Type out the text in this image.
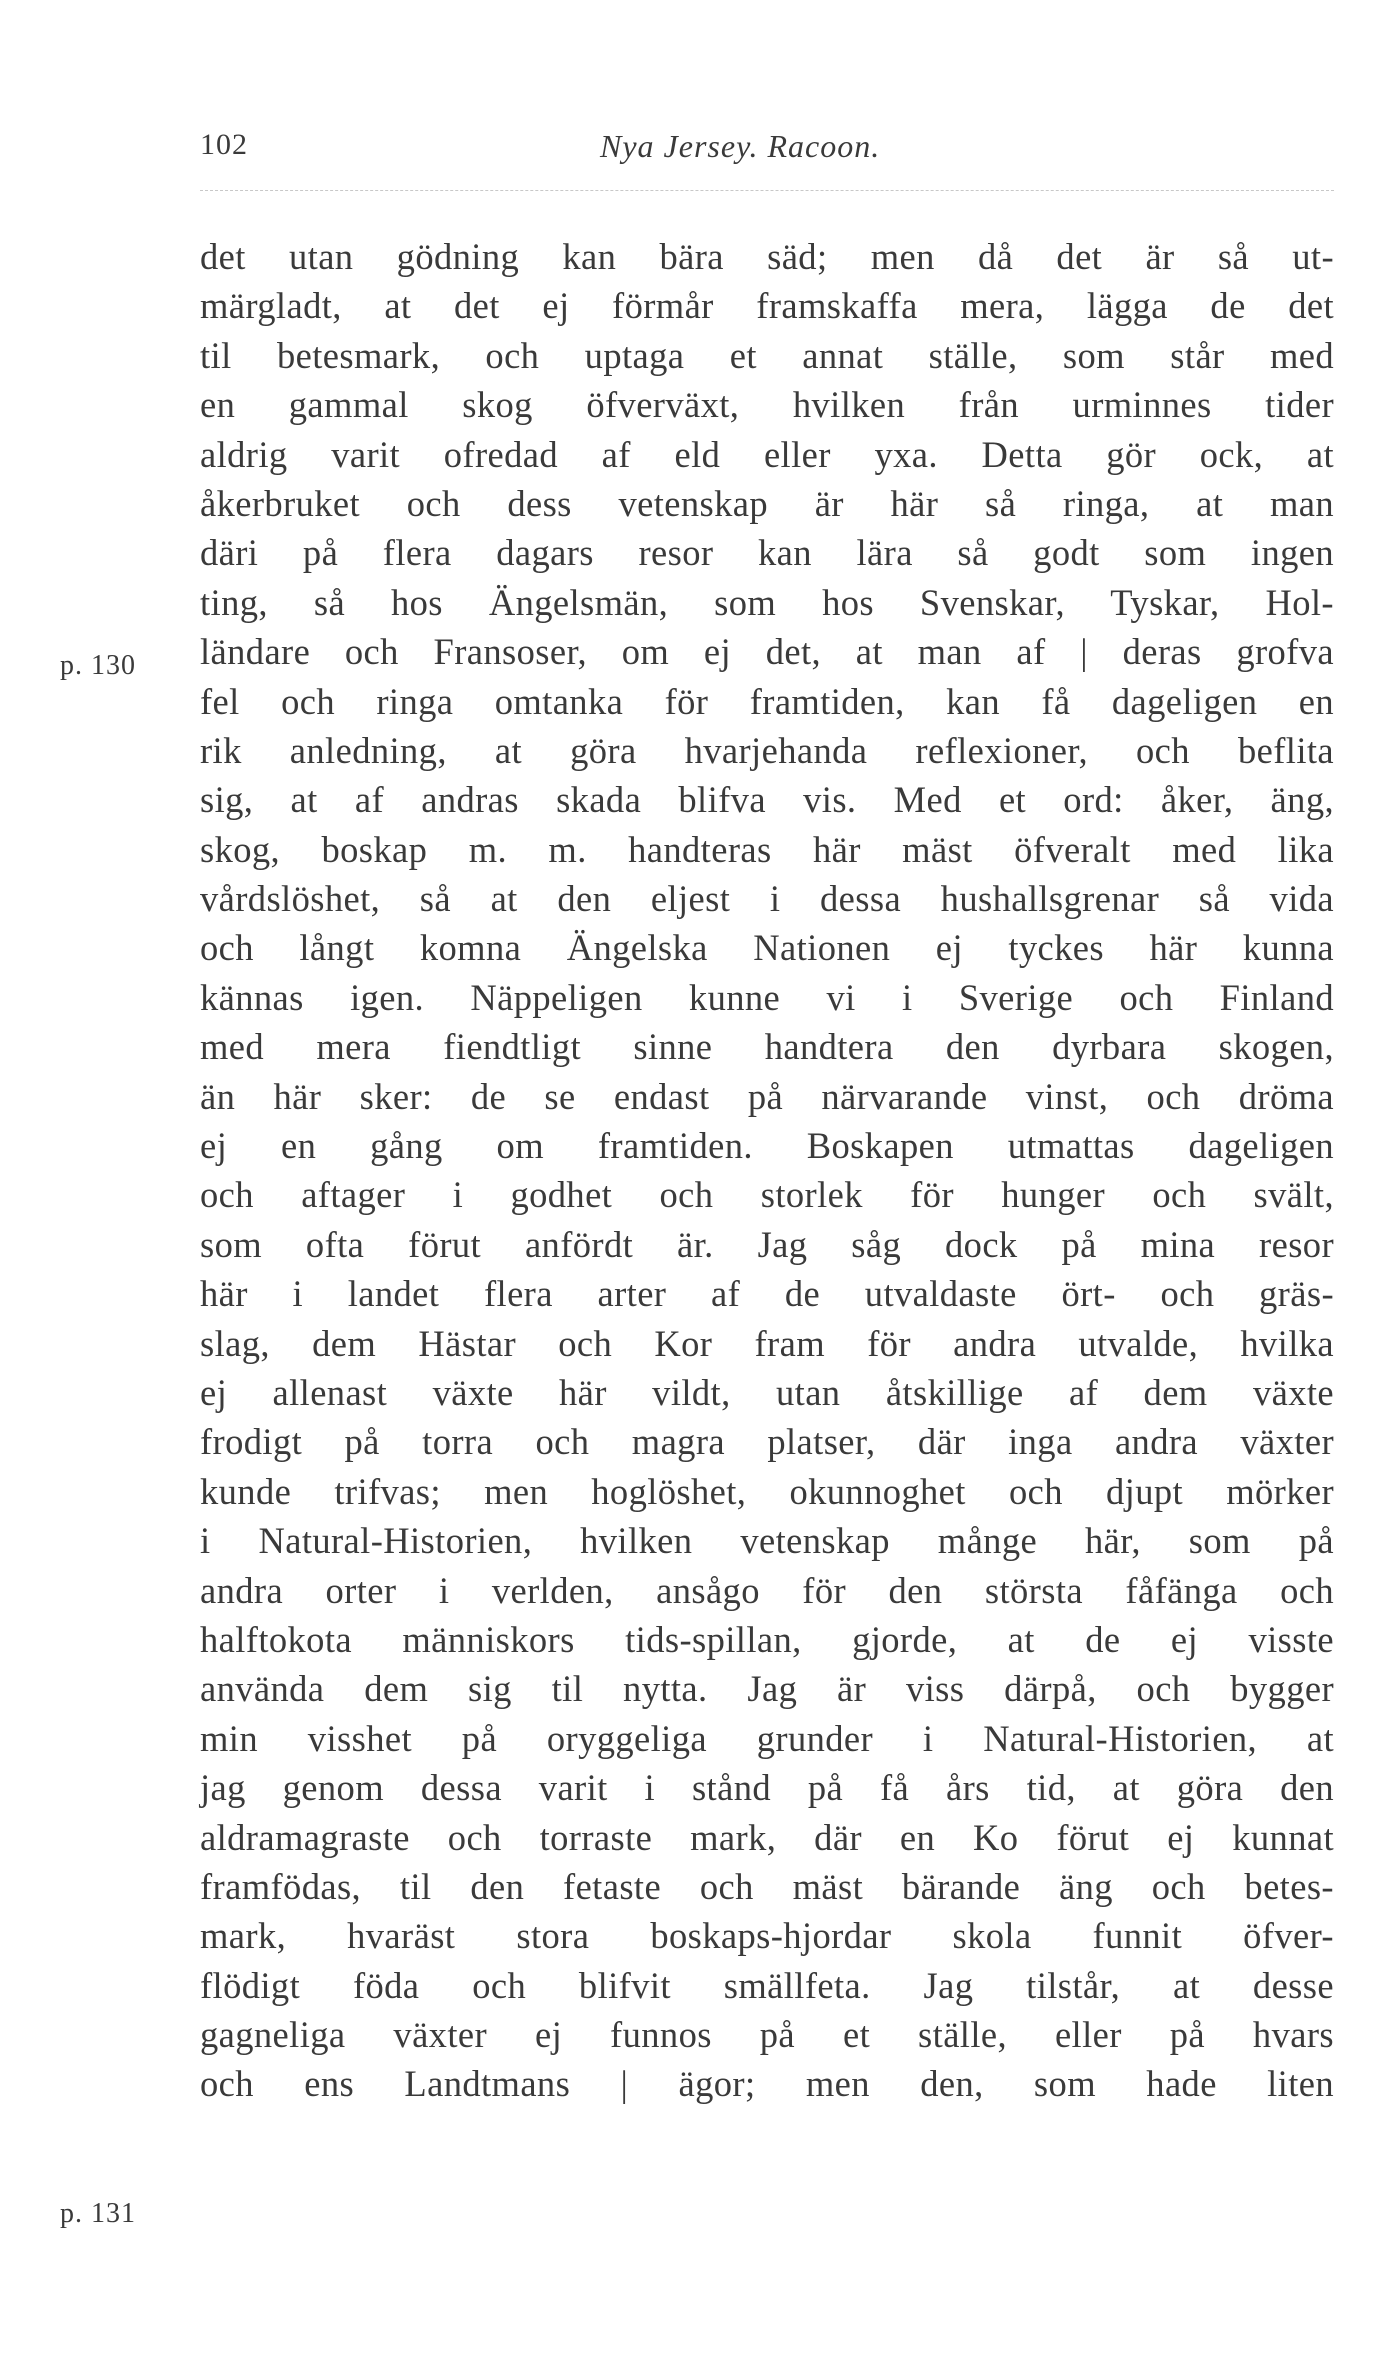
102	Nya Jersey. Racoon.
p. 130
p. 131
det utan gödning kan bära säd; men då det är så ut-
märgladt, at det ej förmår framskaffa mera, lägga de det
til betesmark, och uptaga et annat ställe, som står med
en gammal skog öfverväxt, hvilken från urminnes tider
aldrig varit ofredad af eld eller yxa. Detta gör ock, at
åkerbruket och dess vetenskap är här så ringa, at man
däri på flera dagars resor kan lära så godt som ingen
ting, så hos Ängelsmän, som hos Svenskar, Tyskar, Hol-
ländare och Fransoser, om ej det, at man af | deras grofva
fel och ringa omtanka för framtiden, kan få dageligen en
rik anledning, at göra hvarjehanda reflexioner, och beflita
sig, at af andras skada blifva vis. Med et ord: åker, äng,
skog, boskap m. m. handteras här mäst öfveralt med lika
vårdslöshet, så at den eljest i dessa hushallsgrenar så vida
och långt komna Ängelska Nationen ej tyckes här kunna
kännas igen. Näppeligen kunne vi i Sverige och Finland
med mera fiendtligt sinne handtera den dyrbara skogen,
än här sker: de se endast på närvarande vinst, och dröma
ej en gång om framtiden. Boskapen utmattas dageligen
och aftager i godhet och storlek för hunger och svält,
som ofta förut anfördt är. Jag såg dock på mina resor
här i landet flera arter af de utvaldaste ört- och gräs-
slag, dem Hästar och Kor fram för andra utvalde, hvilka
ej allenast växte här vildt, utan åtskillige af dem växte
frodigt på torra och magra platser, där inga andra växter
kunde trifvas; men hoglöshet, okunnoghet och djupt mörker
i Natural-Historien, hvilken vetenskap månge här, som på
andra orter i verlden, ansågo för den största fåfänga och
halftokota människors tids-spillan, gjorde, at de ej visste
använda dem sig til nytta. Jag är viss därpå, och bygger
min visshet på oryggeliga grunder i Natural-Historien, at
jag genom dessa varit i stånd på få års tid, at göra den
aldramagraste och torraste mark, där en Ko förut ej kunnat
framfödas, til den fetaste och mäst bärande äng och betes-
mark, hvaräst stora boskaps-hjordar skola funnit öfver-
flödigt föda och blifvit smällfeta. Jag tilstår, at desse
gagneliga växter ej funnos på et ställe, eller på hvars
och ens Landtmans | ägor; men den, som hade liten
